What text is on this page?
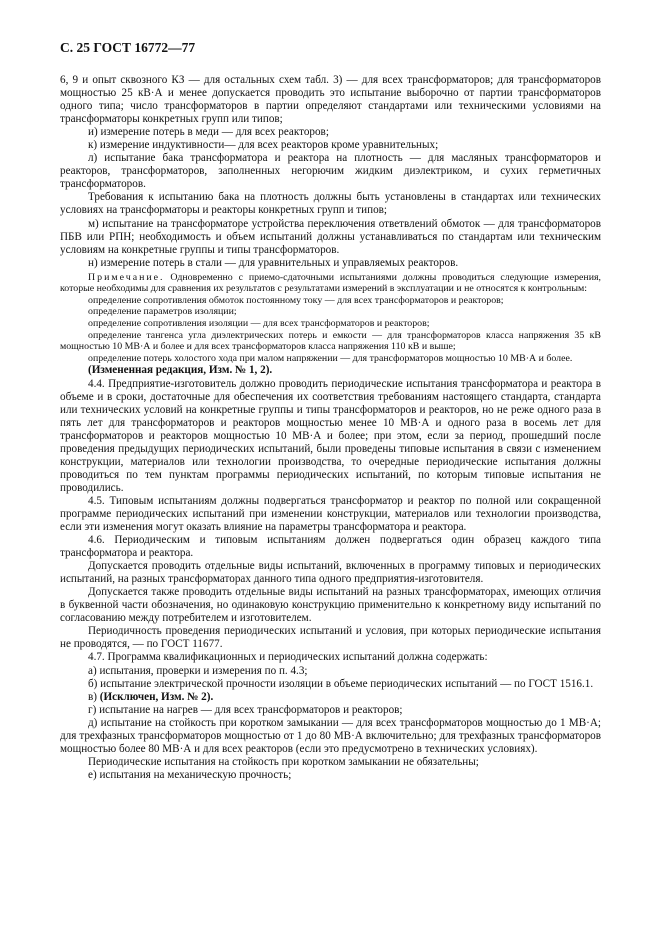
С. 25 ГОСТ 16772—77

6, 9 и опыт сквозного КЗ — для остальных схем табл. 3) — для всех трансформаторов; для трансформаторов мощностью 25 кВ·А и менее допускается проводить это испытание выборочно от партии трансформаторов одного типа; число трансформаторов в партии определяют стандартами или техническими условиями на трансформаторы конкретных групп или типов;

и) измерение потерь в меди — для всех реакторов;

к) измерение индуктивности— для всех реакторов кроме уравнительных;

л) испытание бака трансформатора и реактора на плотность — для масляных трансформаторов и реакторов, трансформаторов, заполненных негорючим жидким диэлектриком, и сухих герметичных трансформаторов.

Требования к испытанию бака на плотность должны быть установлены в стандартах или технических условиях на трансформаторы и реакторы конкретных групп и типов;

м) испытание на трансформаторе устройства переключения ответвлений обмоток — для трансформаторов ПБВ или РПН; необходимость и объем испытаний должны устанавливаться по стандартам или техническим условиям на конкретные группы и типы трансформаторов.

н) измерение потерь в стали — для уравнительных и управляемых реакторов.

Примечание. Одновременно с приемо-сдаточными испытаниями должны проводиться следующие измерения, которые необходимы для сравнения их результатов с результатами измерений в эксплуатации и не относятся к контрольным:

определение сопротивления обмоток постоянному току — для всех трансформаторов и реакторов;

определение параметров изоляции;

определение сопротивления изоляции — для всех трансформаторов и реакторов;

определение тангенса угла диэлектрических потерь и емкости — для трансформаторов класса напряжения 35 кВ мощностью 10 МВ·А и более и для всех трансформаторов класса напряжения 110 кВ и выше;

определение потерь холостого хода при малом напряжении — для трансформаторов мощностью 10 МВ·А и более.

(Измененная редакция, Изм. № 1, 2).

4.4. Предприятие-изготовитель должно проводить периодические испытания трансформатора и реактора в объеме и в сроки, достаточные для обеспечения их соответствия требованиям настоящего стандарта, стандарта или технических условий на конкретные группы и типы трансформаторов и реакторов, но не реже одного раза в пять лет для трансформаторов и реакторов мощностью менее 10 МВ·А и одного раза в восемь лет для трансформаторов и реакторов мощностью 10 МВ·А и более; при этом, если за период, прошедший после проведения предыдущих периодических испытаний, были проведены типовые испытания в связи с изменением конструкции, материалов или технологии производства, то очередные периодические испытания должны проводиться по тем пунктам программы периодических испытаний, по которым типовые испытания не проводились.

4.5. Типовым испытаниям должны подвергаться трансформатор и реактор по полной или сокращенной программе периодических испытаний при изменении конструкции, материалов или технологии производства, если эти изменения могут оказать влияние на параметры трансформатора и реактора.

4.6. Периодическим и типовым испытаниям должен подвергаться один образец каждого типа трансформатора и реактора.

Допускается проводить отдельные виды испытаний, включенных в программу типовых и периодических испытаний, на разных трансформаторах данного типа одного предприятия-изготовителя.

Допускается также проводить отдельные виды испытаний на разных трансформаторах, имеющих отличия в буквенной части обозначения, но одинаковую конструкцию применительно к конкретному виду испытаний по согласованию между потребителем и изготовителем.

Периодичность проведения периодических испытаний и условия, при которых периодические испытания не проводятся, — по ГОСТ 11677.

4.7. Программа квалификационных и периодических испытаний должна содержать:

а) испытания, проверки и измерения по п. 4.3;

б) испытание электрической прочности изоляции в объеме периодических испытаний — по ГОСТ 1516.1.

в) (Исключен, Изм. № 2).

г) испытание на нагрев — для всех трансформаторов и реакторов;

д) испытание на стойкость при коротком замыкании — для всех трансформаторов мощностью до 1 МВ·А; для трехфазных трансформаторов мощностью от 1 до 80 МВ·А включительно; для трехфазных трансформаторов мощностью более 80 МВ·А и для всех реакторов (если это предусмотрено в технических условиях).

Периодические испытания на стойкость при коротком замыкании не обязательны;

е) испытания на механическую прочность;
